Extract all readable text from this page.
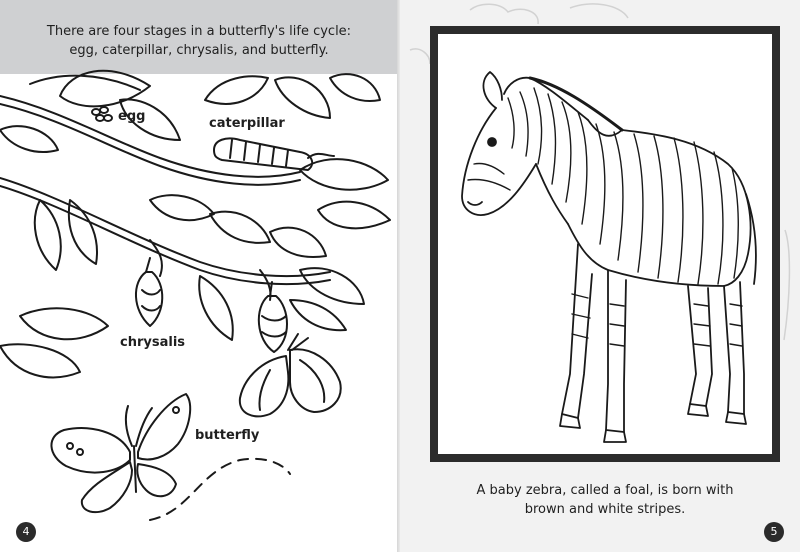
There are four stages in a butterfly's life cycle:
egg, caterpillar, chrysalis, and butterfly.
egg	caterpillar
chrysalis
butterfly
4
A baby zebra, called a foal, is born with
brown and white stripes.
5
